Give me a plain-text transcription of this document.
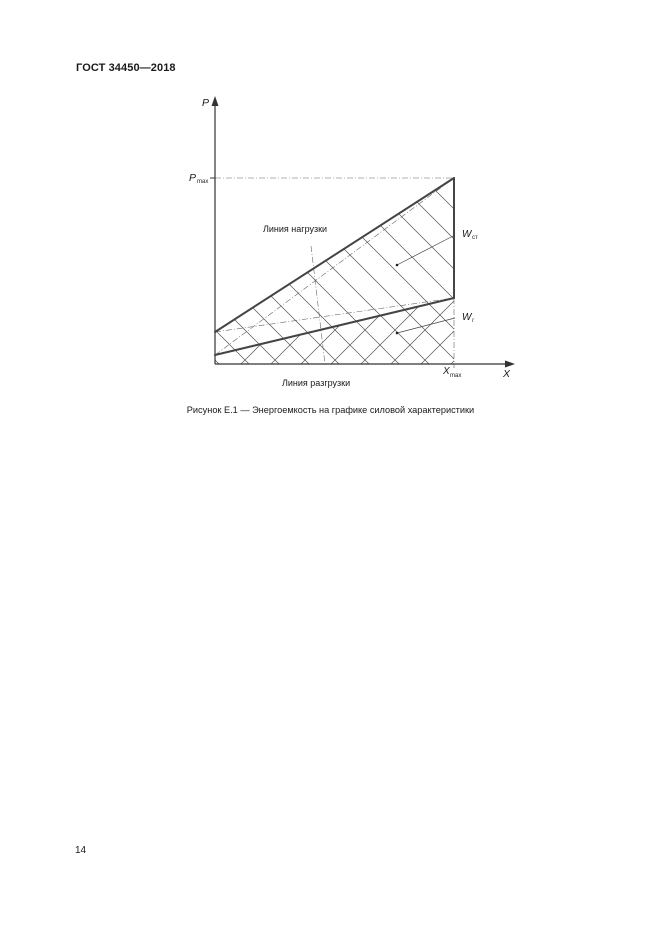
ГОСТ 34450—2018
P
X
P max
X max
Линия нагрузки
Линия разгрузки
W ст
W r
Рисунок Е.1 — Энергоемкость на графике силовой характеристики
14
